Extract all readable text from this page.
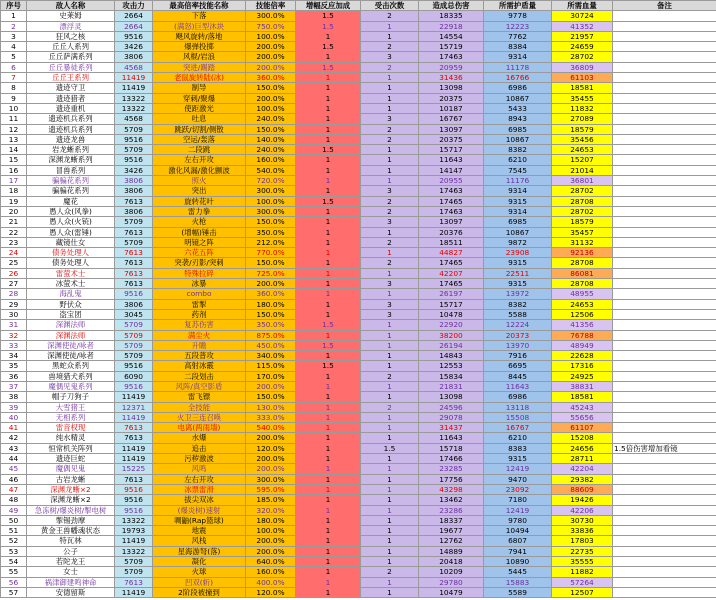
序号	敌人名称	攻击力	最高倍率技能名称	技能倍率	增幅反应加成	受击次数	造成总伤害	所需护盾量	所需血量	备注
1	史莱姆	2664	下落	300.0%	1.5	2	18335	9778	30724	
2	漂浮灵	2664	(满怒)巨型沐块	750.0%	1.5	1	22918	12223	41352	
3	狂风之核	9516	飓风旋转/落地	100.0%	1	1	14554	7762	21957	
4	丘丘人系列	3426	爆弹投掷	200.0%	1.5	2	15719	8384	24659	
5	丘丘萨满系列	3806	风棍/岩浪	200.0%	1	3	17463	9314	28702	
6	丘丘暴徒系列	4568	突进/踢踏	200.0%	1.5	2	20959	11178	36809	
7	丘丘王系列	11419	老鼠旋转陆(冰)	360.0%	1	1	31436	16766	61103	
8	遗迹守卫	11419	制导	150.0%	1	1	13098	6986	18581	
9	遗迹猎者	13322	穿刺/聚爆	200.0%	1	1	20375	10867	35455	
10	遗迹重机	13322	使距激光	100.0%	1	1	10187	5433	11832	
11	遗迹机兵系列	4568	吐息	240.0%	1	3	16767	8943	27089	
12	遗迹机兵系列	5709	跳跃/切割/侧散	150.0%	1	2	13097	6985	18579	
13	遗迹龙兽	9516	空运/轰落	140.0%	1	2	20375	10867	35456	
14	岩龙蜥系列	5709	二段跳	240.0%	1.5	1	15717	8382	24653	
15	深渊龙蜥系列	9516	左右开攻	160.0%	1	1	11643	6210	15207	
16	冒兽系列	3426	激化风漏/激化颤波	540.0%	1	1	14147	7545	21014	
17	骗骗花系列	3806	照火	720.0%	1	1	20955	11176	36801	
18	骗骗花系列	3806	突出	300.0%	1	3	17463	9314	28702	
19	魔花	7613	旋转花叶	100.0%	1.5	2	17465	9315	28708	
20	愚人众(风拳)	3806	雷力拳	300.0%	1	2	17463	9314	28702	
21	愚人众(火铳)	5709	火枪	150.0%	1	3	13097	6985	18579	
22	愚人众(雷锤)	7613	(增幅)锤击	350.0%	1	1	20376	10867	35457	
23	藏镜仕女	5709	明镜之阵	212.0%	1	2	18511	9872	31132	
24	债务处理人	7613	六花五阵	770.0%	1	1	44827	23908	92136	
25	债务处理人	7613	突袭/刃影/突刺	150.0%	1	2	17465	9315	28708	
26	雷萤术士	7613	特殊拉碎	725.0%	1	1	42207	22511	86081	
27	冰萤术士	7613	冰暴	200.0%	1	3	17465	9315	28708	
28	海乱鬼	9516	combo	360.0%	1	1	26197	13972	48955	
29	野伏众	3806	雷掣	180.0%	1	3	15717	8382	24653	
30	盗宝团	3045	药剂	150.0%	1	3	10478	5588	12506	
31	深渊法师	5709	复苏伤害	350.0%	1.5	1	22920	12224	41356	
32	深渊法师	5709	满尘火	875.0%	1	1	38200	20373	76788	
33	深渊使徒/咏者	5709	升瞻	450.0%	1.5	1	26194	13970	48949	
34	深渊使徒/咏者	5709	五段普攻	340.0%	1	1	14843	7916	22628	
35	黑蛇众系列	9516	高射冰霰	115.0%	1.5	1	12553	6695	17316	
36	兽境猎犬系列	6090	二段划击	170.0%	1	2	15834	8445	24925	
37	魔偶见鬼系列	9516	风阵/真空影盾	200.0%	1	1	21831	11643	38831	
38	帽子刀狗子	11419	雷飞镖	150.0%	1	1	13098	6986	18581	
39	大雪猪王	12371	全技能	130.0%	1	2	24596	13118	45243	
40	无相系列	11419	火卫三连召唤	333.0%	1	1	29078	15508	55656	
41	雷音权现	7613	电离(两雨墙)	540.0%	1	1	31437	16767	61107	
42	纯水精灵	7613	水爆	200.0%	1	1	11643	6210	15208	
43	恒常机关阵列	11419	追击	120.0%	1	1.5	15718	8383	24656	1.5倍伤害增加看镜
44	遗迹巨蛇	11419	污秽激波	200.0%	1	1	17466	9315	28711	
45	魔偶见鬼	15225	风鸣	200.0%	1	1	23285	12419	42204	
46	古岩龙蜥	7613	左右开攻	300.0%	1	1	17756	9470	29382	
47	深渊龙蜥×2	9516	冰票雷滑	595.0%	1	1	43298	23092	88609	
48	深渊龙蜥×2	9516	拔尖双冰	185.0%	1	1	13462	7180	19426	
49	急冻树/爆炎树/掣电树	9516	(爆炎树)速射	320.0%	1	1	23286	12419	42206	
50	掣锡劲摩	13322	啁鼬(Rap篮球)	180.0%	1	1	18337	9780	30730	
51	黄金王兽幡魂状态	19793	地震	100.0%	1	1	19677	10494	33836	
52	特瓦林	11419	风栈	200.0%	1	1	12762	6807	17803	
53	公子	13322	星海游弩(落)	200.0%	1	1	14889	7941	22735	
54	若陀龙王	5709	凝化	640.0%	1	1	20418	10890	35555	
55	女士	5709	火球	160.0%	1	2	10209	5445	11882	
56	祸津御建鸣神命	7613	凹双(斩)	400.0%	1	1	29780	15883	57264	
57	安德留斯	11419	2阶段被撞到	120.0%	1	1	10479	5589	12507	
